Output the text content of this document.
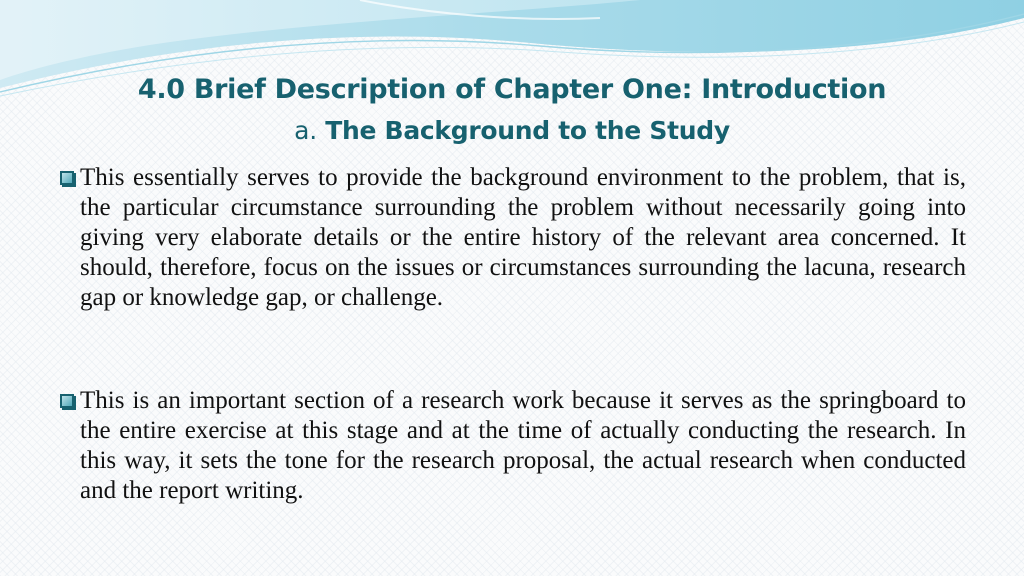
4.0 Brief Description of Chapter One: Introduction
a. The Background to the Study

This essentially serves to provide the background environment to the problem, that is, the particular circumstance surrounding the problem without necessarily going into giving very elaborate details or the entire history of the relevant area concerned. It should, therefore, focus on the issues or circumstances surrounding the lacuna, research gap or knowledge gap, or challenge.

This is an important section of a research work because it serves as the springboard to the entire exercise at this stage and at the time of actually conducting the research. In this way, it sets the tone for the research proposal, the actual research when conducted and the report writing.
